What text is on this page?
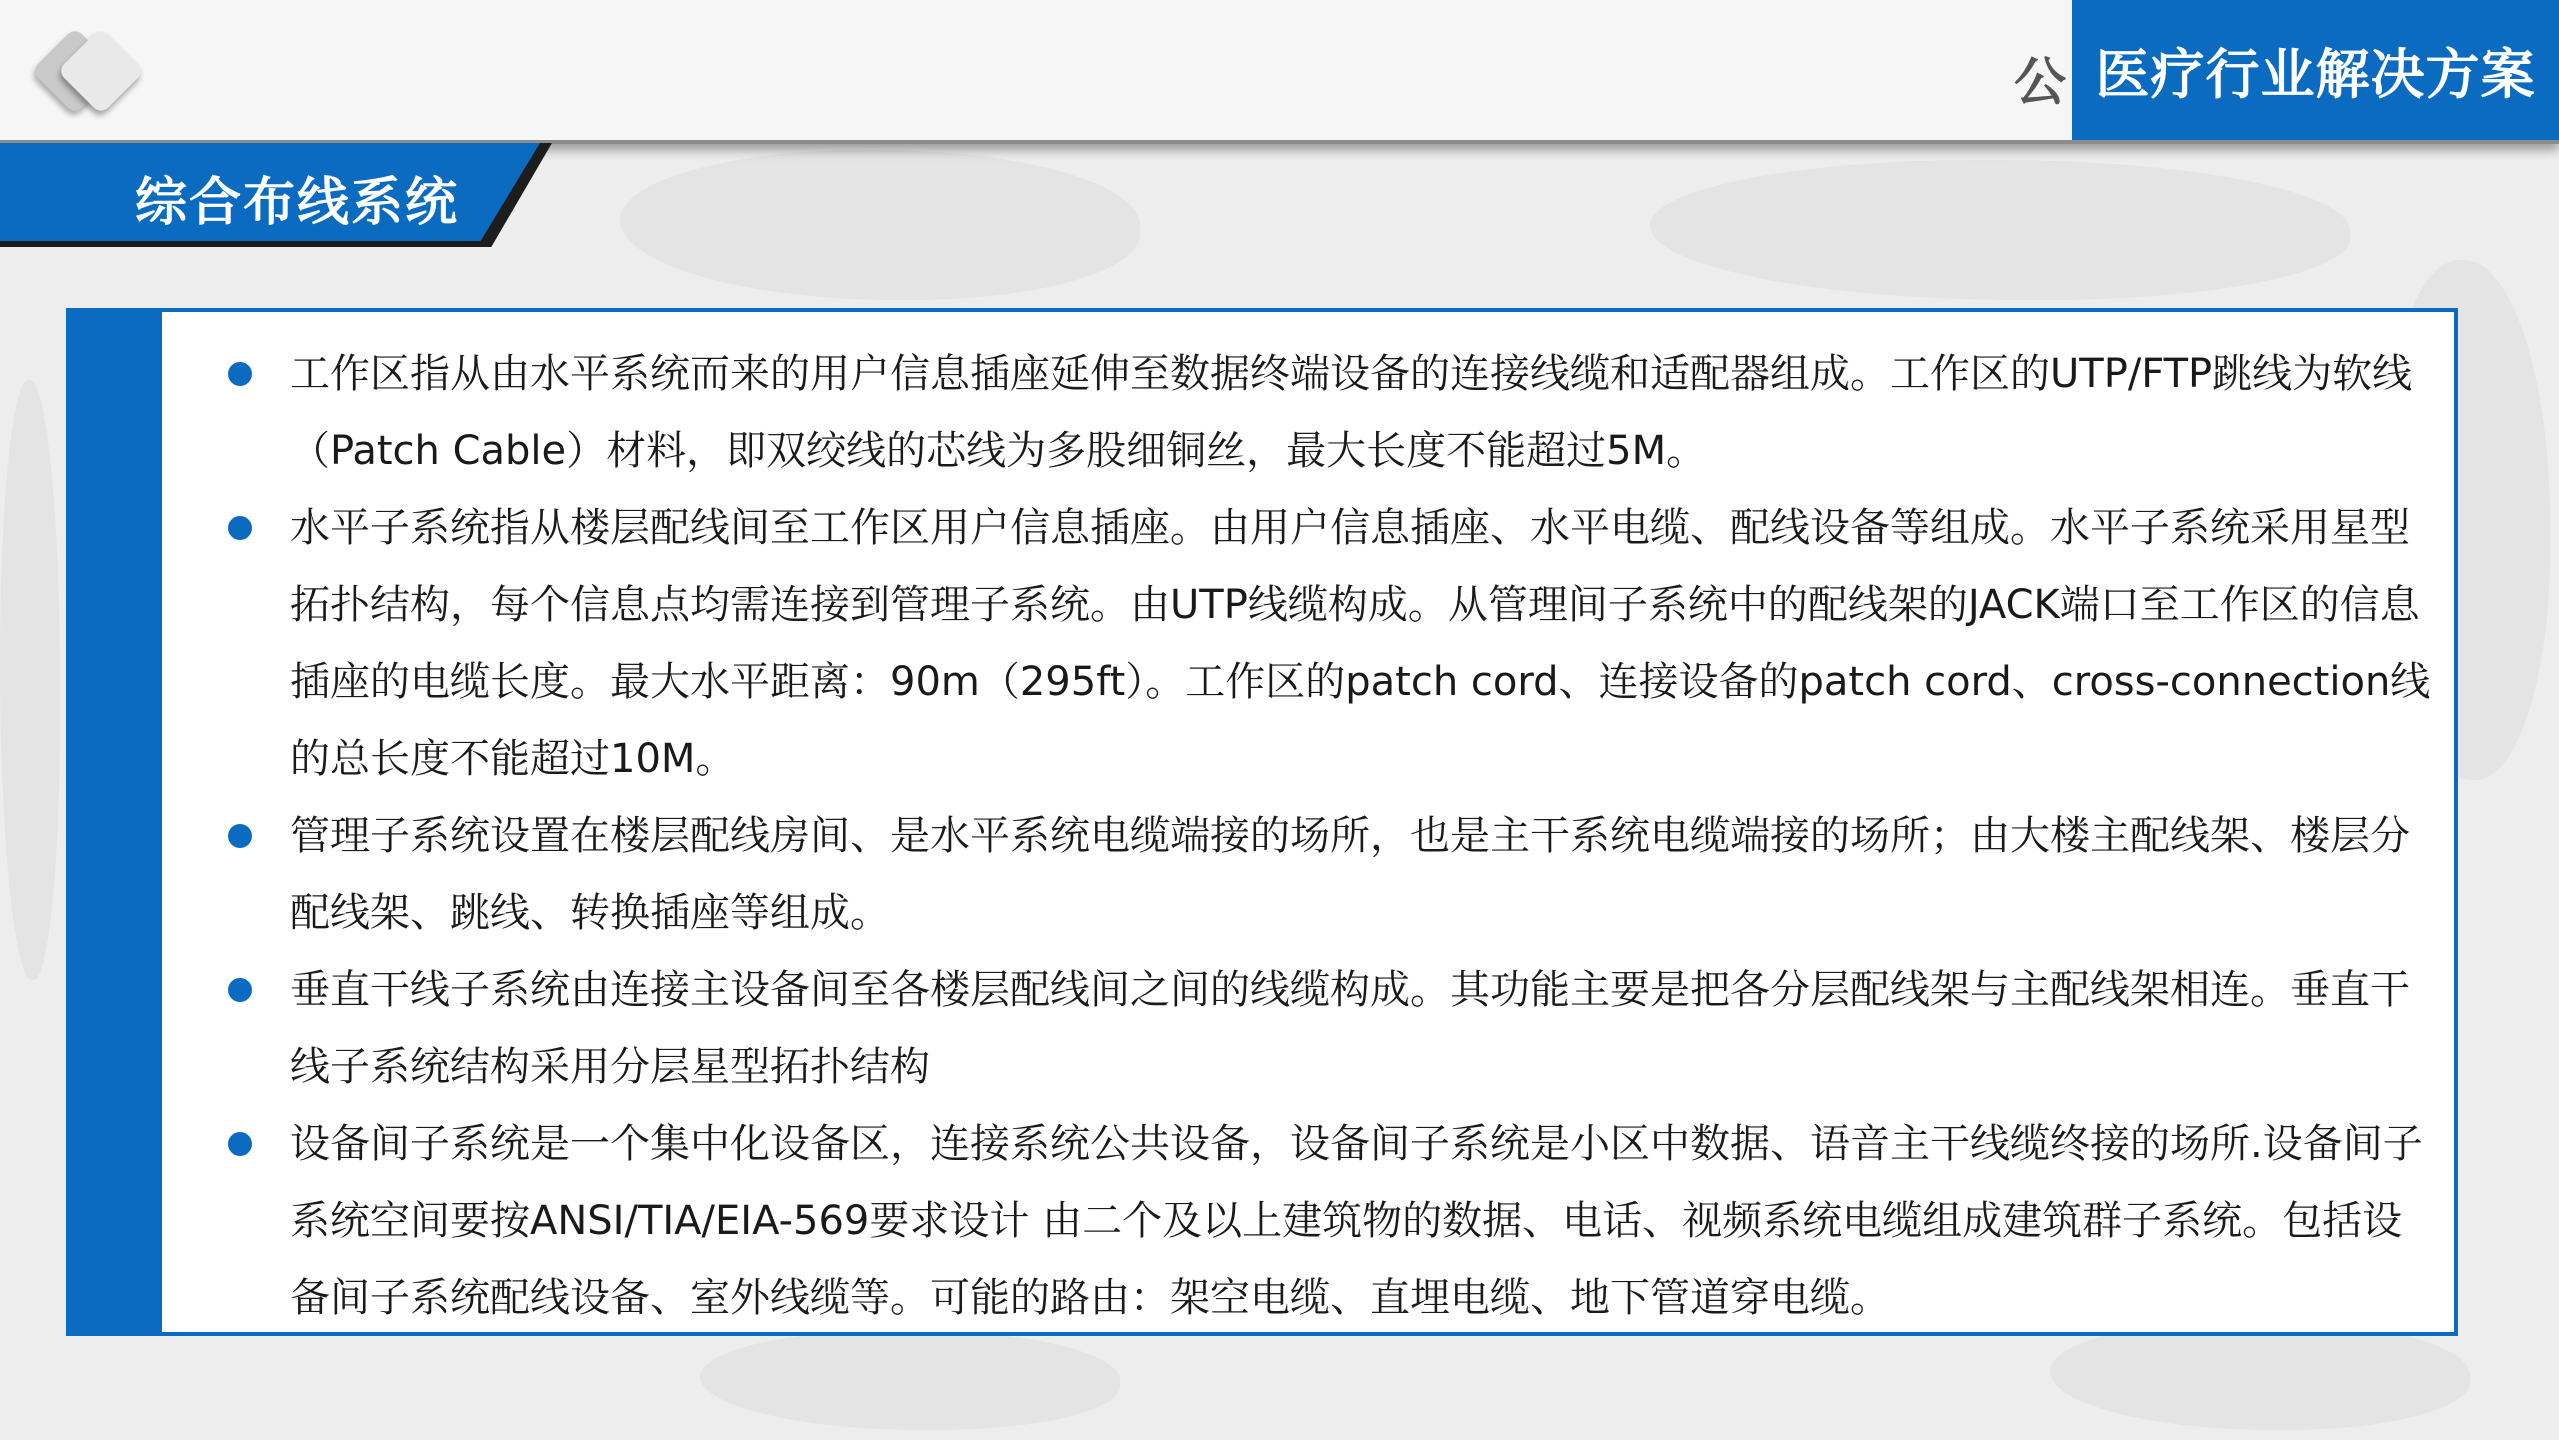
公 医疗行业解决方案
综合布线系统
工作区指从由水平系统而来的用户信息插座延伸至数据终端设备的连接线缆和适配器组成。工作区的UTP/FTP跳线为软线（Patch Cable）材料，即双绞线的芯线为多股细铜丝，最大长度不能超过5M。
水平子系统指从楼层配线间至工作区用户信息插座。由用户信息插座、水平电缆、配线设备等组成。水平子系统采用星型拓扑结构，每个信息点均需连接到管理子系统。由UTP线缆构成。从管理间子系统中的配线架的JACK端口至工作区的信息插座的电缆长度。最大水平距离：90m（295ft）。工作区的patch cord、连接设备的patch cord、cross-connection线的总长度不能超过10M。
管理子系统设置在楼层配线房间、是水平系统电缆端接的场所，也是主干系统电缆端接的场所；由大楼主配线架、楼层分配线架、跳线、转换插座等组成。
垂直干线子系统由连接主设备间至各楼层配线间之间的线缆构成。其功能主要是把各分层配线架与主配线架相连。垂直干线子系统结构采用分层星型拓扑结构
设备间子系统是一个集中化设备区，连接系统公共设备，设备间子系统是小区中数据、语音主干线缆终接的场所.设备间子系统空间要按ANSI/TIA/EIA-569要求设计 由二个及以上建筑物的数据、电话、视频系统电缆组成建筑群子系统。包括设备间子系统配线设备、室外线缆等。可能的路由：架空电缆、直埋电缆、地下管道穿电缆。
